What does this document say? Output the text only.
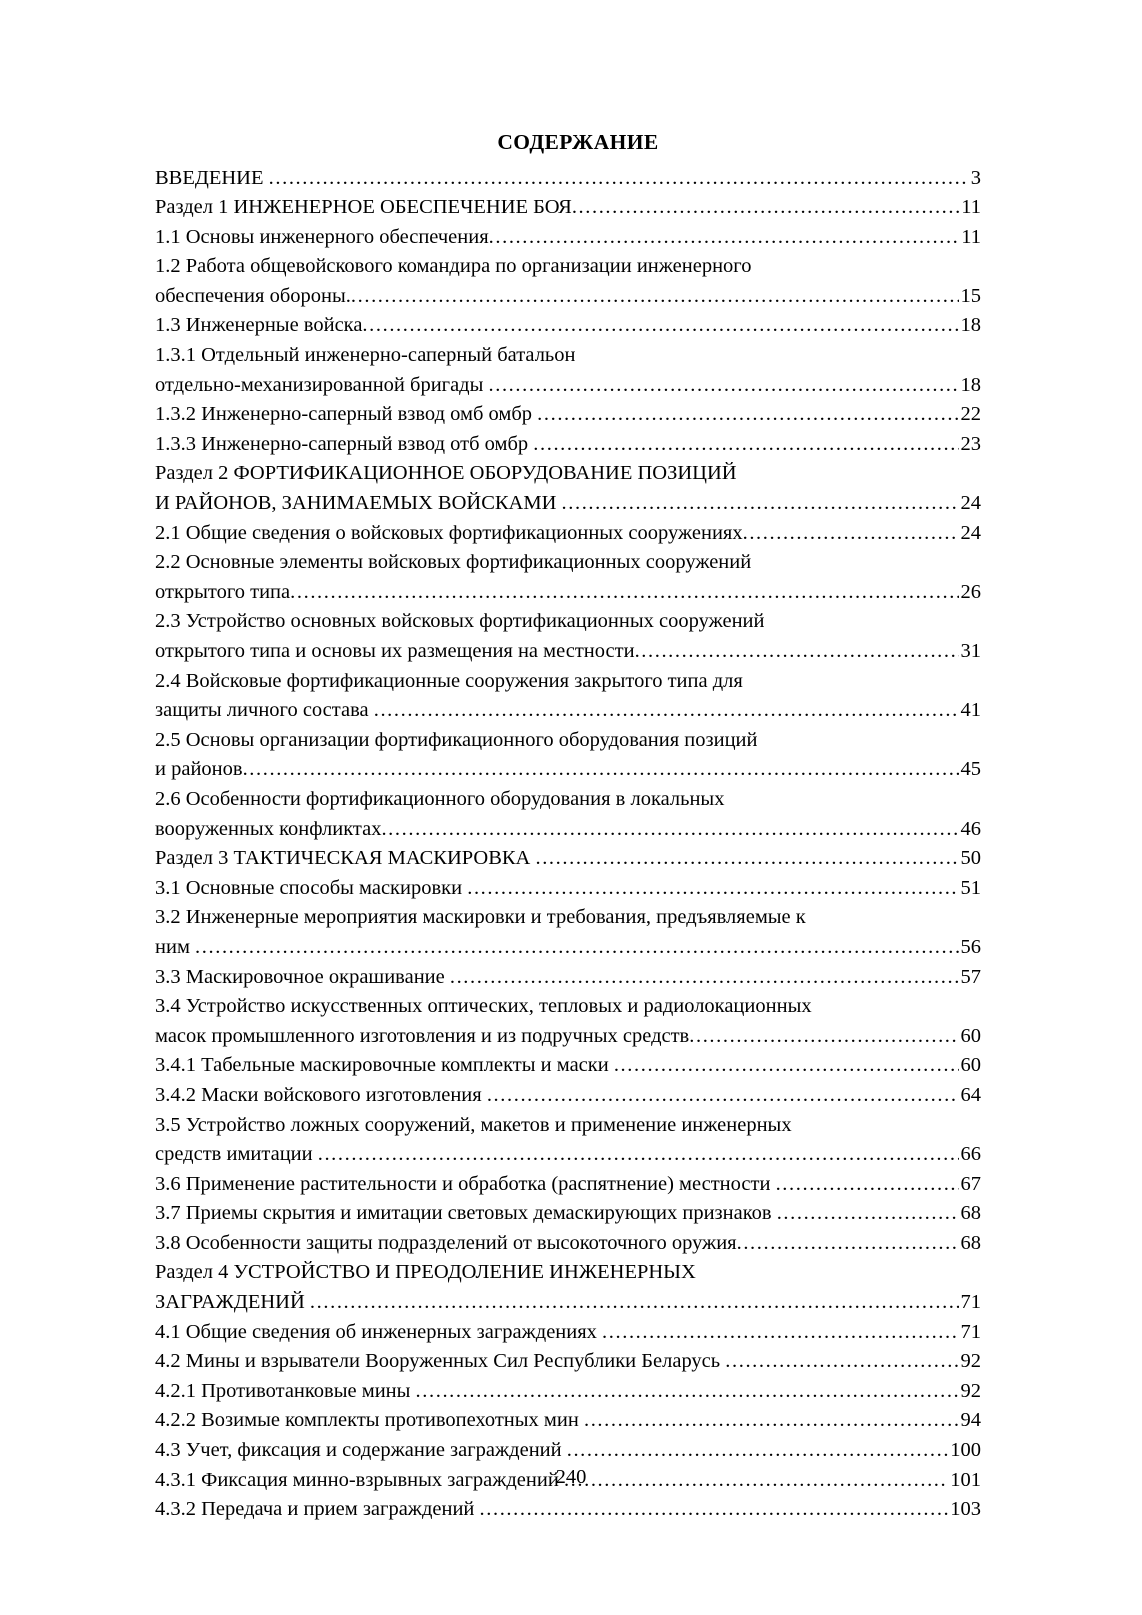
СОДЕРЖАНИЕ
ВВЕДЕНИЕ .....	3
Раздел 1 ИНЖЕНЕРНОЕ ОБЕСПЕЧЕНИЕ БОЯ .....	11
1.1 Основы инженерного обеспечения .....	11
1.2 Работа общевойскового командира по организации инженерного
обеспечения обороны. .....	15
1.3 Инженерные войска .....	18
1.3.1 Отдельный инженерно-саперный батальон
отдельно-механизированной бригады .....	18
1.3.2 Инженерно-саперный взвод омб омбр .....	22
1.3.3 Инженерно-саперный взвод отб омбр .....	23
Раздел 2 ФОРТИФИКАЦИОННОЕ ОБОРУДОВАНИЕ ПОЗИЦИЙ
И РАЙОНОВ, ЗАНИМАЕМЫХ ВОЙСКАМИ .....	24
2.1 Общие сведения о войсковых фортификационных сооружениях .....	24
2.2 Основные элементы войсковых фортификационных сооружений
открытого типа .....	26
2.3 Устройство основных войсковых фортификационных сооружений
открытого типа и основы их размещения на местности .....	31
2.4 Войсковые фортификационные сооружения закрытого типа для
защиты личного состава .....	41
2.5 Основы организации фортификационного оборудования позиций
и районов .....	45
2.6 Особенности фортификационного оборудования в локальных
вооруженных конфликтах .....	46
Раздел 3 ТАКТИЧЕСКАЯ МАСКИРОВКА .....	50
3.1 Основные способы маскировки .....	51
3.2 Инженерные мероприятия маскировки и требования, предъявляемые к
ним .....	56
3.3 Маскировочное окрашивание .....	57
3.4 Устройство искусственных оптических, тепловых и радиолокационных
масок промышленного изготовления и из подручных средств .....	60
3.4.1 Табельные маскировочные комплекты и маски .....	60
3.4.2 Маски войскового изготовления .....	64
3.5 Устройство ложных сооружений, макетов и применение инженерных
средств имитации .....	66
3.6 Применение растительности и обработка (распятнение) местности .....	67
3.7 Приемы скрытия и имитации световых демаскирующих признаков .....	68
3.8 Особенности защиты подразделений от высокоточного оружия .....	68
Раздел 4 УСТРОЙСТВО И ПРЕОДОЛЕНИЕ ИНЖЕНЕРНЫХ
ЗАГРАЖДЕНИЙ .....	71
4.1 Общие сведения об инженерных заграждениях .....	71
4.2 Мины и взрыватели Вооруженных Сил Республики Беларусь .....	92
4.2.1 Противотанковые мины .....	92
4.2.2 Возимые комплекты противопехотных мин .....	94
4.3 Учет, фиксация и содержание заграждений .....	100
4.3.1 Фиксация минно-взрывных заграждений .....	101
4.3.2 Передача и прием заграждений .....	103
240
